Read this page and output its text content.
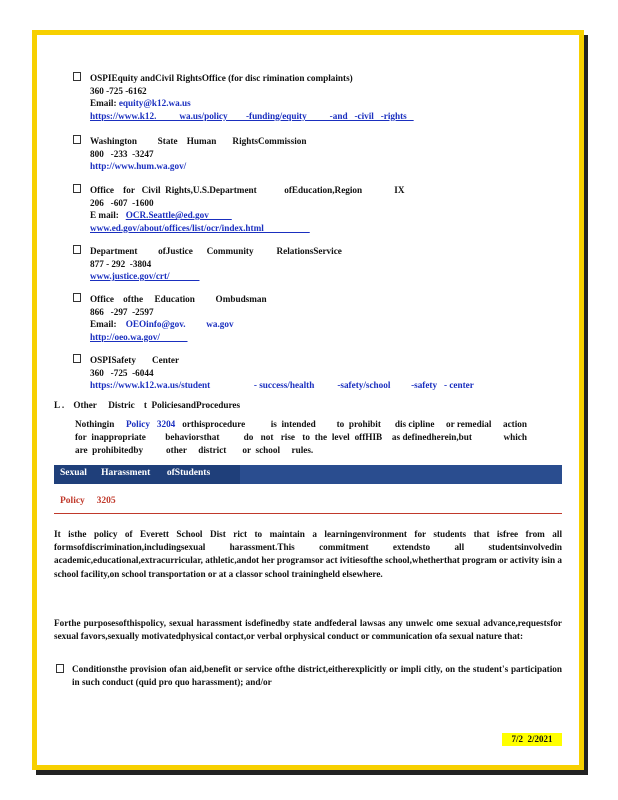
OSPIEquity andCivil RightsOffice (for disc rimination complaints)
360 -725 -6162
Email: equity@k12.wa.us
https://www.k12.          wa.us/policy        -funding/equity          -and   -civil   -rights
Washington         State    Human       RightsCommission
800   -233  -3247
http://www.hum.wa.gov/
Office    for   Civil  Rights,U.S.Department            ofEducation,Region              IX
206   -607  -1600
E mail:   OCR.Seattle@ed.gov
www.ed.gov/about/offices/list/ocr/index.html
Department         ofJustice      Community          RelationsService
877 - 292  -3804
www.justice.gov/crt/
Office    ofthe     Education         Ombudsman
866   -297  -2597
Email:    OEOinfo@gov.         wa.gov
http://oeo.wa.gov/
OSPISafety       Center
360   -725  -6044
https://www.k12.wa.us/student                   - success/health          -safety/school         -safety   - center
L .    Other     Distric    t  PoliciesandProcedures
Nothingin     Policy   3204   orthisprocedure           is  intended         to  prohibit      dis cipline     or remedial     action    for  inappropriate        behaviorsthat          do   not   rise   to  the  level  offHIB    as definedherein,but             which      are  prohibitedby          other     district       or  school     rules.
Sexual      Harassment       ofStudents
Policy     3205
It isthe policy of Everett School Dist rict to maintain a learningenvironment for students that isfree from all formsofdiscrimination,includingsexual harassment.This commitment extendsto all studentsinvolvedin academic,educational,extracurricular, athletic,andot her programsor act ivitiesofthe school,whetherthat program or activity isin a school facility,on school transportation or at a classor school trainingheld elsewhere.
Forthe purposesofthispolicy, sexual harassment isdefinedby state andfederal lawsas any unwelc ome sexual advance,requestsfor sexual favors,sexually motivatedphysical contact,or verbal orphysical conduct or communication ofa sexual nature that:
Conditionsthe provision ofan aid,benefit or service ofthe district,eitherexplicitly or impli citly, on the student's participation in such conduct (quid pro quo harassment); and/or
7/2  2/2021
